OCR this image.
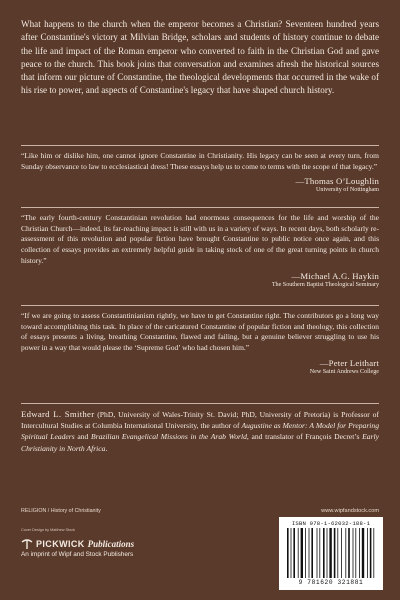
What happens to the church when the emperor becomes a Christian? Seventeen hundred years after Constantine's victory at Milvian Bridge, scholars and students of history continue to debate the life and impact of the Roman emperor who converted to faith in the Christian God and gave peace to the church. This book joins that conversation and examines afresh the historical sources that inform our picture of Constantine, the theological developments that occurred in the wake of his rise to power, and aspects of Constantine's legacy that have shaped church history.

“Like him or dislike him, one cannot ignore Constantine in Christianity. His legacy can be seen at every turn, from Sunday observance to law to ecclesiastical dress! These essays help us to come to terms with the scope of that legacy.”

—Thomas O’Loughlin
University of Nottingham

“The early fourth-century Constantinian revolution had enormous consequences for the life and worship of the Christian Church—indeed, its far-reaching impact is still with us in a variety of ways. In recent days, both scholarly re-assessment of this revolution and popular fiction have brought Constantine to public notice once again, and this collection of essays provides an extremely helpful guide in taking stock of one of the great turning points in church history.”

—Michael A.G. Haykin
The Southern Baptist Theological Seminary

“If we are going to assess Constantinianism rightly, we have to get Constantine right. The contributors go a long way toward accomplishing this task. In place of the caricatured Constantine of popular fiction and theology, this collection of essays presents a living, breathing Constantine, flawed and failing, but a genuine believer struggling to use his power in a way that would please the ‘Supreme God’ who had chosen him.”

—Peter Leithart
New Saint Andrews College

Edward L. Smither (PhD, University of Wales-Trinity St. David; PhD, University of Pretoria) is Professor of Intercultural Studies at Columbia International University, the author of Augustine as Mentor: A Model for Preparing Spiritual Leaders and Brazilian Evangelical Missions in the Arab World, and translator of François Decret’s Early Christianity in North Africa.

RELIGION / History of Christianity	www.wipfandstock.com
Cover Design by Matthew Stock
PICKWICK Publications
An imprint of Wipf and Stock Publishers
ISBN 978-1-62032-188-1
9 781620 321881
